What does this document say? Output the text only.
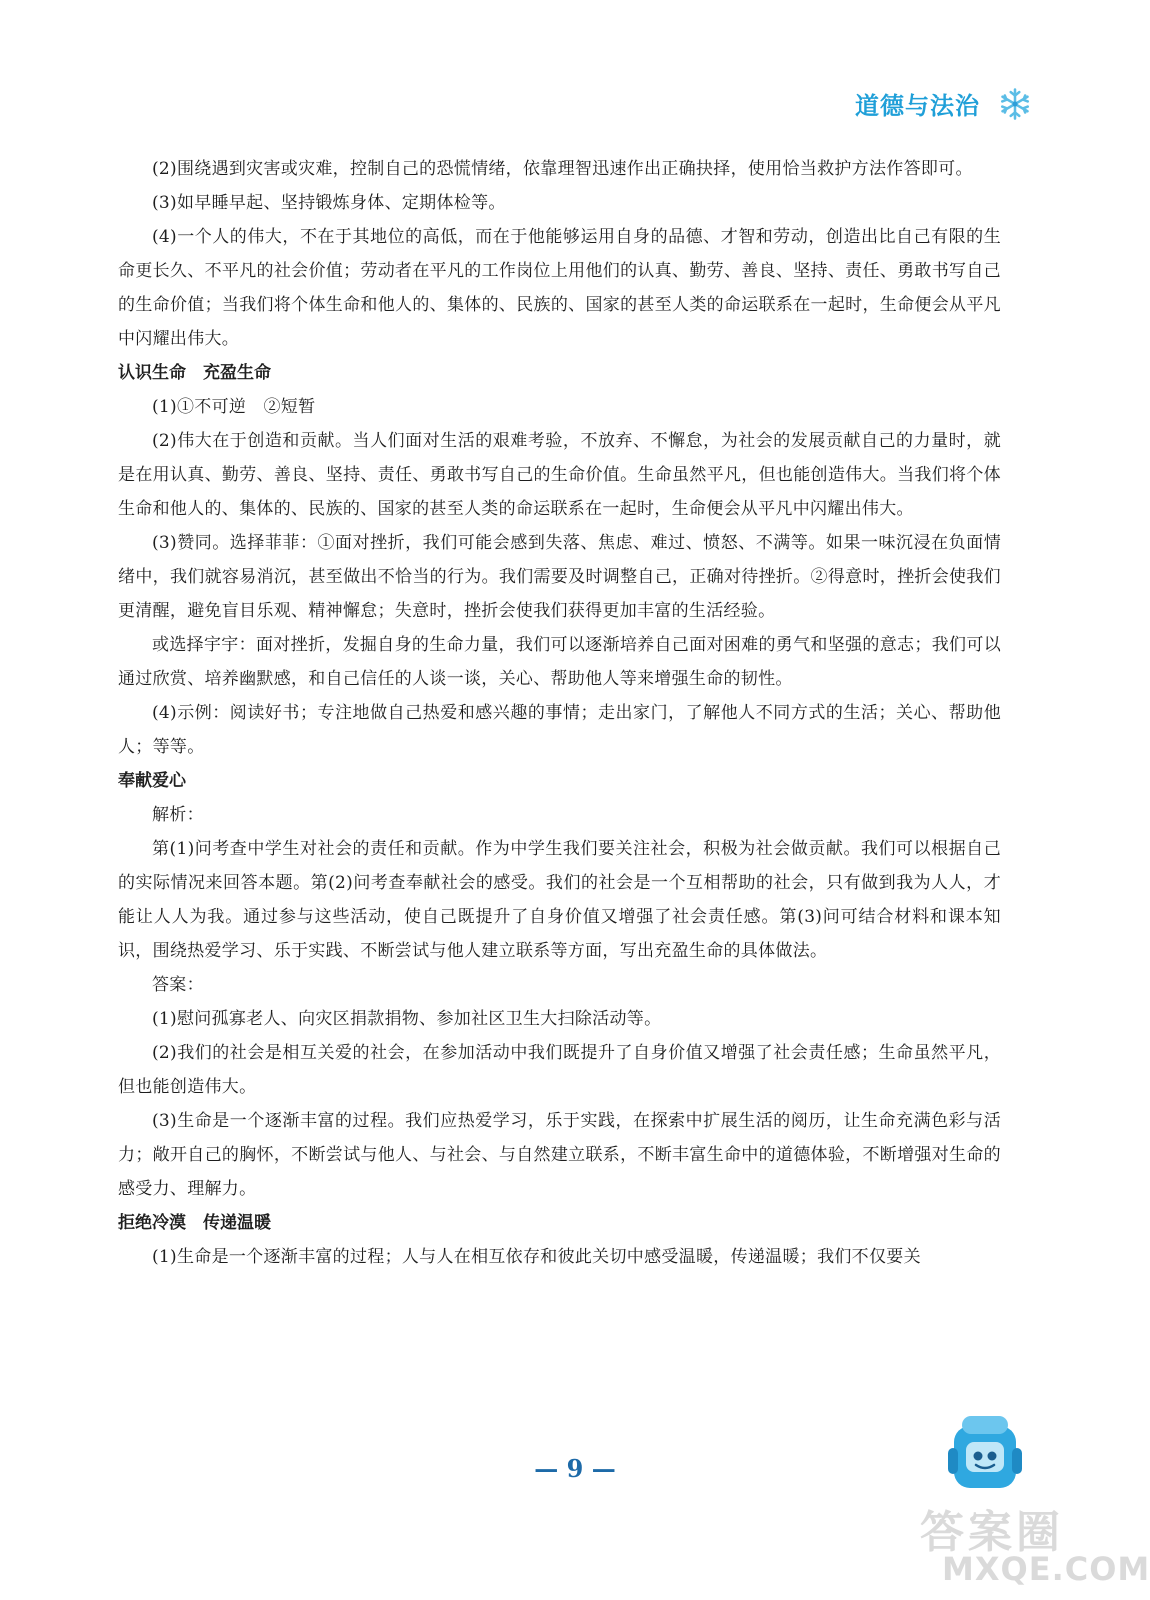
道德与法治

(2)围绕遇到灾害或灾难，控制自己的恐慌情绪，依靠理智迅速作出正确抉择，使用恰当救护方法作答即可。

(3)如早睡早起、坚持锻炼身体、定期体检等。

(4)一个人的伟大，不在于其地位的高低，而在于他能够运用自身的品德、才智和劳动，创造出比自己有限的生命更长久、不平凡的社会价值；劳动者在平凡的工作岗位上用他们的认真、勤劳、善良、坚持、责任、勇敢书写自己的生命价值；当我们将个体生命和他人的、集体的、民族的、国家的甚至人类的命运联系在一起时，生命便会从平凡中闪耀出伟大。

认识生命　充盈生命

(1)①不可逆　②短暂

(2)伟大在于创造和贡献。当人们面对生活的艰难考验，不放弃、不懈怠，为社会的发展贡献自己的力量时，就是在用认真、勤劳、善良、坚持、责任、勇敢书写自己的生命价值。生命虽然平凡，但也能创造伟大。当我们将个体生命和他人的、集体的、民族的、国家的甚至人类的命运联系在一起时，生命便会从平凡中闪耀出伟大。

(3)赞同。选择菲菲：①面对挫折，我们可能会感到失落、焦虑、难过、愤怒、不满等。如果一味沉浸在负面情绪中，我们就容易消沉，甚至做出不恰当的行为。我们需要及时调整自己，正确对待挫折。②得意时，挫折会使我们更清醒，避免盲目乐观、精神懈怠；失意时，挫折会使我们获得更加丰富的生活经验。

或选择宇宇：面对挫折，发掘自身的生命力量，我们可以逐渐培养自己面对困难的勇气和坚强的意志；我们可以通过欣赏、培养幽默感，和自己信任的人谈一谈，关心、帮助他人等来增强生命的韧性。

(4)示例：阅读好书；专注地做自己热爱和感兴趣的事情；走出家门，了解他人不同方式的生活；关心、帮助他人；等等。

奉献爱心

解析：

第(1)问考查中学生对社会的责任和贡献。作为中学生我们要关注社会，积极为社会做贡献。我们可以根据自己的实际情况来回答本题。第(2)问考查奉献社会的感受。我们的社会是一个互相帮助的社会，只有做到我为人人，才能让人人为我。通过参与这些活动，使自己既提升了自身价值又增强了社会责任感。第(3)问可结合材料和课本知识，围绕热爱学习、乐于实践、不断尝试与他人建立联系等方面，写出充盈生命的具体做法。

答案：

(1)慰问孤寡老人、向灾区捐款捐物、参加社区卫生大扫除活动等。

(2)我们的社会是相互关爱的社会，在参加活动中我们既提升了自身价值又增强了社会责任感；生命虽然平凡，但也能创造伟大。

(3)生命是一个逐渐丰富的过程。我们应热爱学习，乐于实践，在探索中扩展生活的阅历，让生命充满色彩与活力；敞开自己的胸怀，不断尝试与他人、与社会、与自然建立联系，不断丰富生命中的道德体验，不断增强对生命的感受力、理解力。

拒绝冷漠　传递温暖

(1)生命是一个逐渐丰富的过程；人与人在相互依存和彼此关切中感受温暖，传递温暖；我们不仅要关

— 9 —
答案圈
MXQE.COM
